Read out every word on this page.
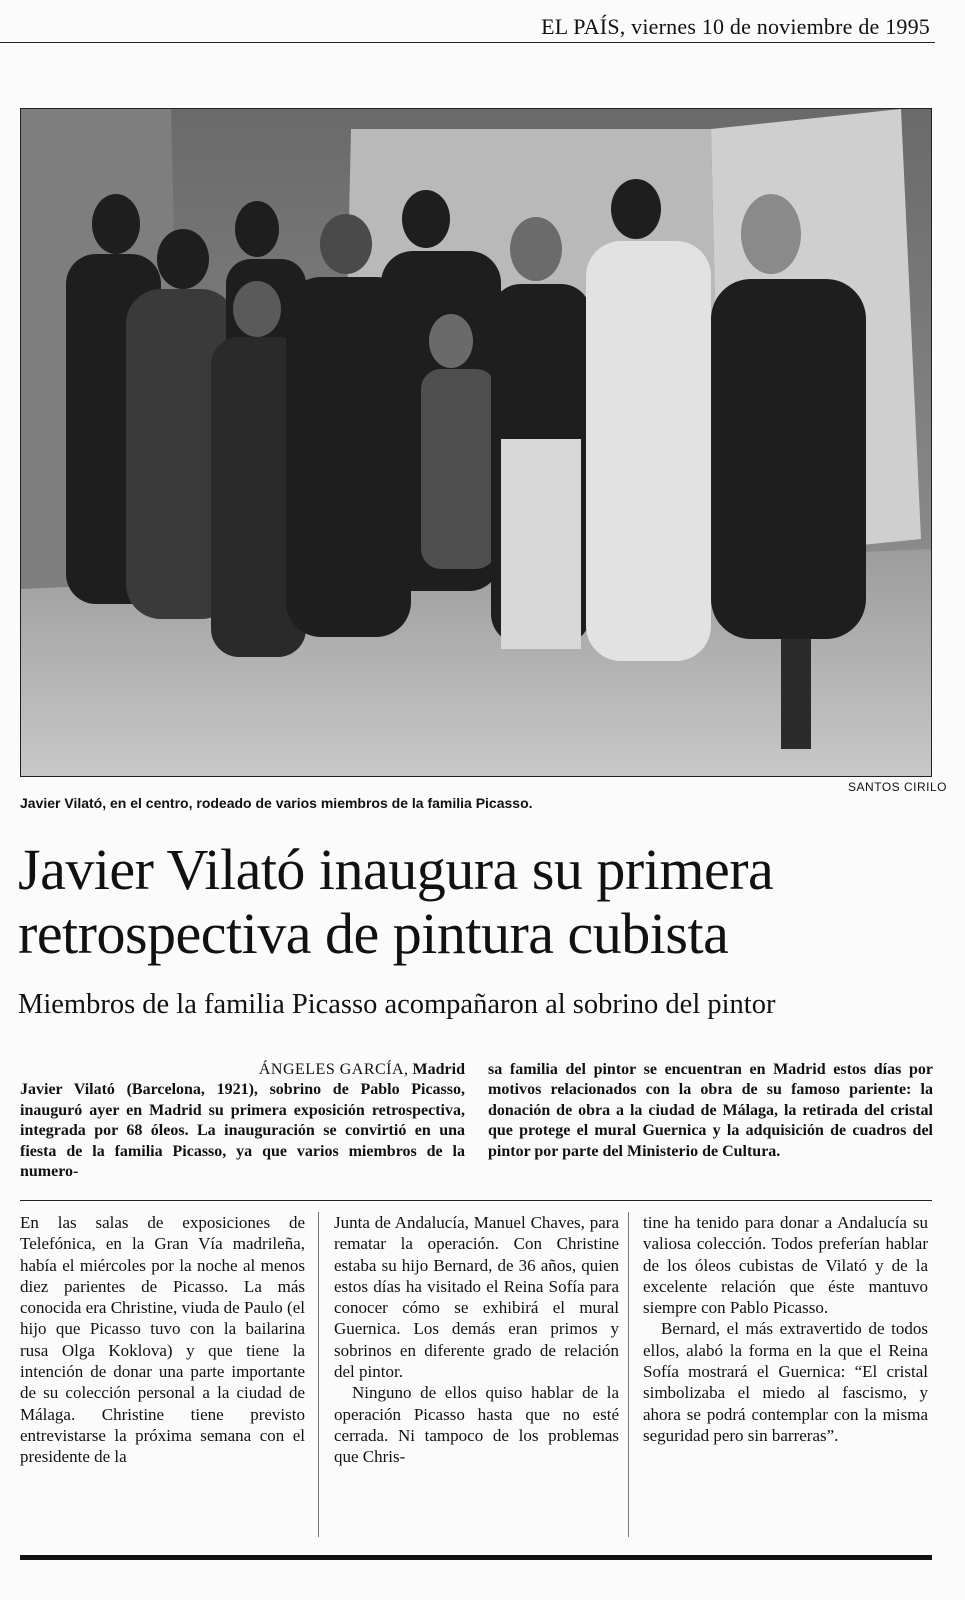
EL PAÍS, viernes 10 de noviembre de 1995
SANTOS CIRILO
Javier Vilató, en el centro, rodeado de varios miembros de la familia Picasso.
Javier Vilató inaugura su primera
retrospectiva de pintura cubista
Miembros de la familia Picasso acompañaron al sobrino del pintor
ÁNGELES GARCÍA, Madrid
Javier Vilató (Barcelona, 1921), sobrino de Pablo Picasso, inauguró ayer en Madrid su primera exposición retrospectiva, integrada por 68 óleos. La inauguración se convirtió en una fiesta de la familia Picasso, ya que varios miembros de la numero-
sa familia del pintor se encuentran en Madrid estos días por motivos relacionados con la obra de su famoso pariente: la donación de obra a la ciudad de Málaga, la retirada del cristal que protege el mural Guernica y la adquisición de cuadros del pintor por parte del Ministerio de Cultura.

En las salas de exposiciones de Telefónica, en la Gran Vía madrileña, había el miércoles por la noche al menos diez parientes de Picasso. La más conocida era Christine, viuda de Paulo (el hijo que Picasso tuvo con la bailarina rusa Olga Koklova) y que tiene la intención de donar una parte importante de su colección personal a la ciudad de Málaga. Christine tiene previsto entrevistarse la próxima semana con el presidente de la

Junta de Andalucía, Manuel Chaves, para rematar la operación. Con Christine estaba su hijo Bernard, de 36 años, quien estos días ha visitado el Reina Sofía para conocer cómo se exhibirá el mural Guernica. Los demás eran primos y sobrinos en diferente grado de relación del pintor.

Ninguno de ellos quiso hablar de la operación Picasso hasta que no esté cerrada. Ni tampoco de los problemas que Chris-

tine ha tenido para donar a Andalucía su valiosa colección. Todos preferían hablar de los óleos cubistas de Vilató y de la excelente relación que éste mantuvo siempre con Pablo Picasso.

Bernard, el más extravertido de todos ellos, alabó la forma en la que el Reina Sofía mostrará el Guernica: “El cristal simbolizaba el miedo al fascismo, y ahora se podrá contemplar con la misma seguridad pero sin barreras”.
